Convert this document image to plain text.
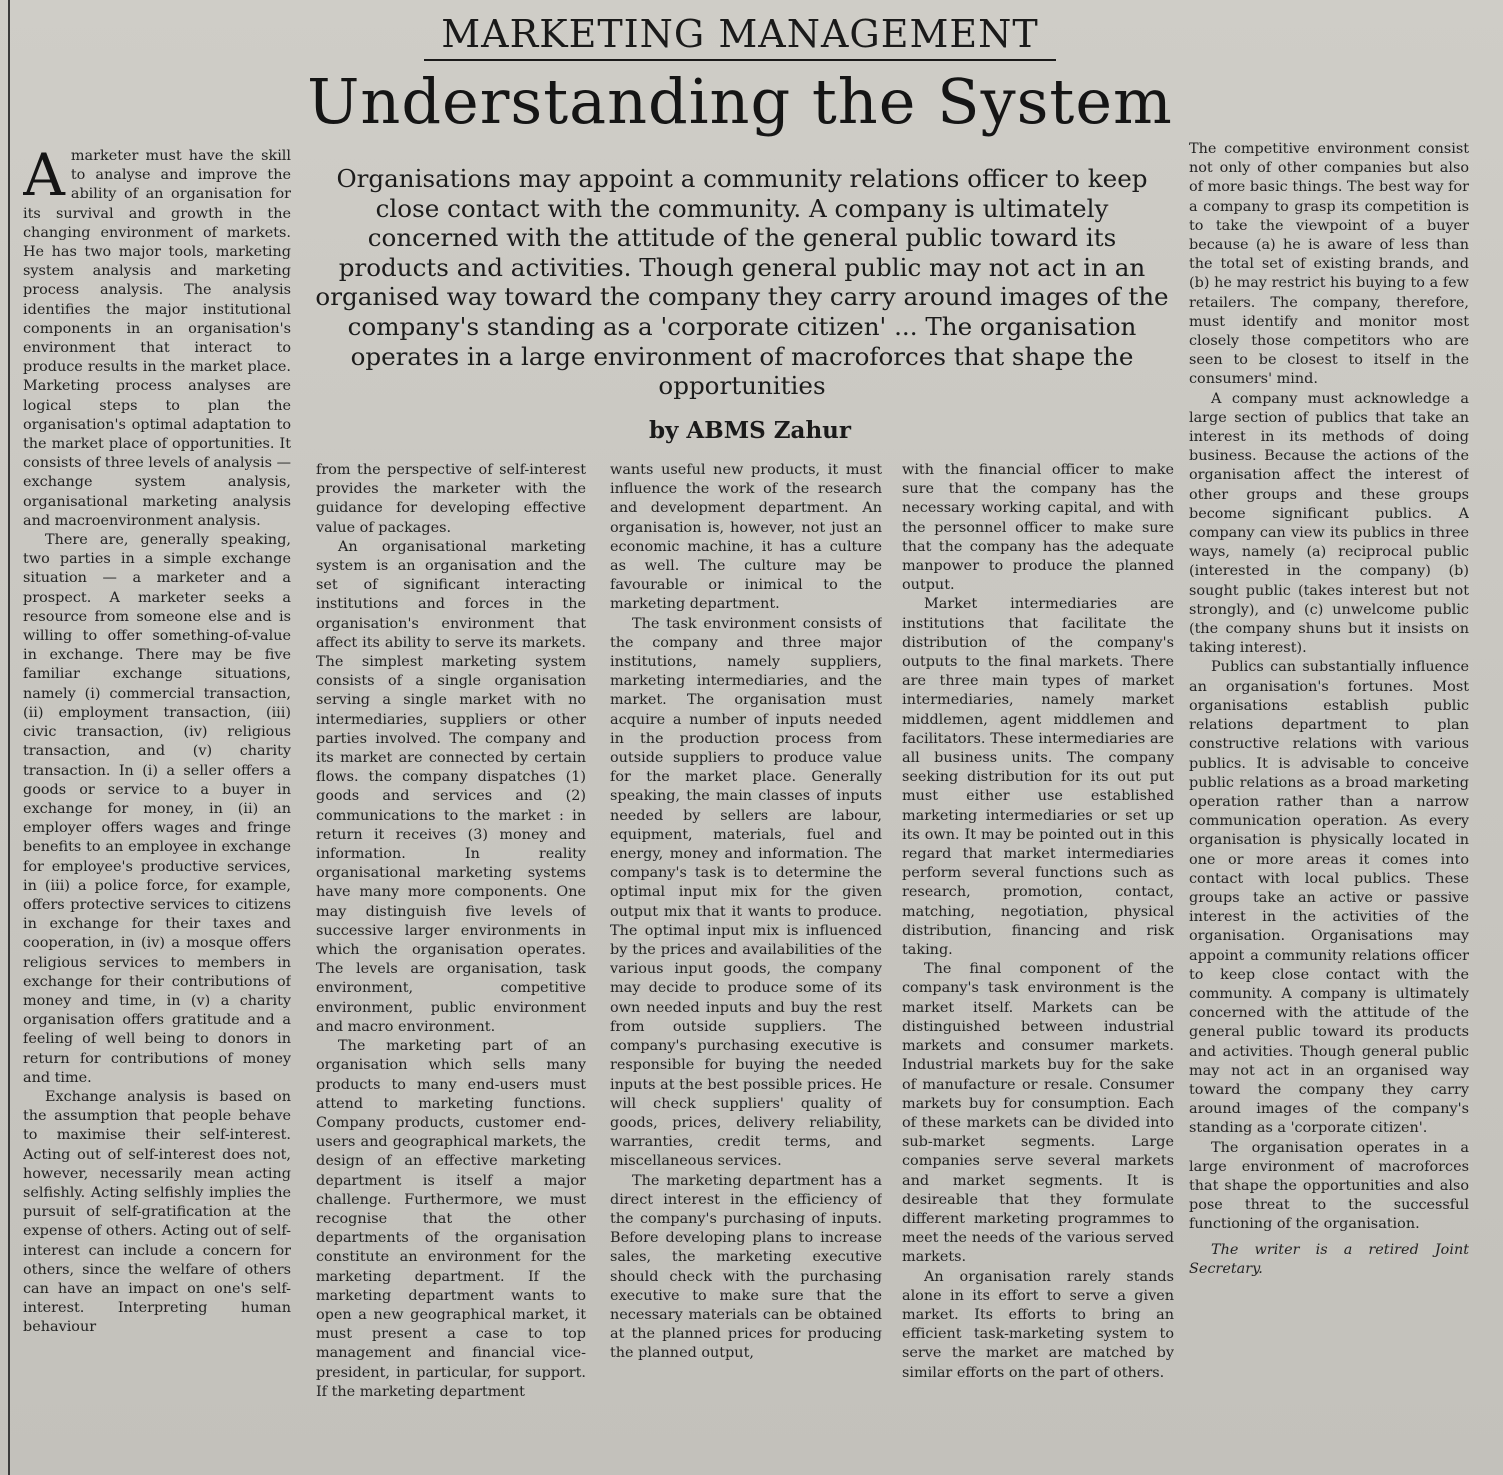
MARKETING MANAGEMENT
Understanding the System
Organisations may appoint a community relations officer to keep close contact with the community. A company is ultimately concerned with the attitude of the general public toward its products and activities. Though general public may not act in an organised way toward the company they carry around images of the company's standing as a 'corporate citizen' ... The organisation operates in a large environment of macroforces that shape the opportunities
by ABMS Zahur

Amarketer must have the skill to analyse and improve the ability of an organisation for its survival and growth in the changing environment of markets. He has two major tools, marketing system analysis and marketing process analysis. The analysis identifies the major institutional components in an organisation's environment that interact to produce results in the market place. Marketing process analyses are logical steps to plan the organisation's optimal adaptation to the market place of opportunities. It consists of three levels of analysis — exchange system analysis, organisational marketing analysis and macroenvironment analysis.

There are, generally speaking, two parties in a simple exchange situation — a marketer and a prospect. A marketer seeks a resource from someone else and is willing to offer something-of-value in exchange. There may be five familiar exchange situations, namely (i) commercial transaction, (ii) employment transaction, (iii) civic transaction, (iv) religious transaction, and (v) charity transaction. In (i) a seller offers a goods or service to a buyer in exchange for money, in (ii) an employer offers wages and fringe benefits to an employee in exchange for employee's productive services, in (iii) a police force, for example, offers protective services to citizens in exchange for their taxes and cooperation, in (iv) a mosque offers religious services to members in exchange for their contributions of money and time, in (v) a charity organisation offers gratitude and a feeling of well being to donors in return for contributions of money and time.

Exchange analysis is based on the assumption that people behave to maximise their self-interest. Acting out of self-interest does not, however, necessarily mean acting selfishly. Acting selfishly implies the pursuit of self-gratification at the expense of others. Acting out of self-interest can include a concern for others, since the welfare of others can have an impact on one's self-interest. Interpreting human behaviour

from the perspective of self-interest provides the marketer with the guidance for developing effective value of packages.

An organisational marketing system is an organisation and the set of significant interacting institutions and forces in the organisation's environment that affect its ability to serve its markets. The simplest marketing system consists of a single organisation serving a single market with no intermediaries, suppliers or other parties involved. The company and its market are connected by certain flows. the company dispatches (1) goods and services and (2) communications to the market : in return it receives (3) money and information. In reality organisational marketing systems have many more components. One may distinguish five levels of successive larger environments in which the organisation operates. The levels are organisation, task environment, competitive environment, public environment and macro environment.

The marketing part of an organisation which sells many products to many end-users must attend to marketing functions. Company products, customer end-users and geographical markets, the design of an effective marketing department is itself a major challenge. Furthermore, we must recognise that the other departments of the organisation constitute an environment for the marketing department. If the marketing department wants to open a new geographical market, it must present a case to top management and financial vice-president, in particular, for support. If the marketing department

wants useful new products, it must influence the work of the research and development department. An organisation is, however, not just an economic machine, it has a culture as well. The culture may be favourable or inimical to the marketing department.

The task environment consists of the company and three major institutions, namely suppliers, marketing intermediaries, and the market. The organisation must acquire a number of inputs needed in the production process from outside suppliers to produce value for the market place. Generally speaking, the main classes of inputs needed by sellers are labour, equipment, materials, fuel and energy, money and information. The company's task is to determine the optimal input mix for the given output mix that it wants to produce. The optimal input mix is influenced by the prices and availabilities of the various input goods, the company may decide to produce some of its own needed inputs and buy the rest from outside suppliers. The company's purchasing executive is responsible for buying the needed inputs at the best possible prices. He will check suppliers' quality of goods, prices, delivery reliability, warranties, credit terms, and miscellaneous services.

The marketing department has a direct interest in the efficiency of the company's purchasing of inputs. Before developing plans to increase sales, the marketing executive should check with the purchasing executive to make sure that the necessary materials can be obtained at the planned prices for producing the planned output,

with the financial officer to make sure that the company has the necessary working capital, and with the personnel officer to make sure that the company has the adequate manpower to produce the planned output.

Market intermediaries are institutions that facilitate the distribution of the company's outputs to the final markets. There are three main types of market intermediaries, namely market middlemen, agent middlemen and facilitators. These intermediaries are all business units. The company seeking distribution for its out put must either use established marketing intermediaries or set up its own. It may be pointed out in this regard that market intermediaries perform several functions such as research, promotion, contact, matching, negotiation, physical distribution, financing and risk taking.

The final component of the company's task environment is the market itself. Markets can be distinguished between industrial markets and consumer markets. Industrial markets buy for the sake of manufacture or resale. Consumer markets buy for consumption. Each of these markets can be divided into sub-market segments. Large companies serve several markets and market segments. It is desireable that they formulate different marketing programmes to meet the needs of the various served markets.

An organisation rarely stands alone in its effort to serve a given market. Its efforts to bring an efficient task-marketing system to serve the market are matched by similar efforts on the part of others.

The competitive environment consist not only of other companies but also of more basic things. The best way for a company to grasp its competition is to take the viewpoint of a buyer because (a) he is aware of less than the total set of existing brands, and (b) he may restrict his buying to a few retailers. The company, therefore, must identify and monitor most closely those competitors who are seen to be closest to itself in the consumers' mind.

A company must acknowledge a large section of publics that take an interest in its methods of doing business. Because the actions of the organisation affect the interest of other groups and these groups become significant publics. A company can view its publics in three ways, namely (a) reciprocal public (interested in the company) (b) sought public (takes interest but not strongly), and (c) unwelcome public (the company shuns but it insists on taking interest).

Publics can substantially influence an organisation's fortunes. Most organisations establish public relations department to plan constructive relations with various publics. It is advisable to conceive public relations as a broad marketing operation rather than a narrow communication operation. As every organisation is physically located in one or more areas it comes into contact with local publics. These groups take an active or passive interest in the activities of the organisation. Organisations may appoint a community relations officer to keep close contact with the community. A company is ultimately concerned with the attitude of the general public toward its products and activities. Though general public may not act in an organised way toward the company they carry around images of the company's standing as a 'corporate citizen'.

The organisation operates in a large environment of macroforces that shape the opportunities and also pose threat to the successful functioning of the organisation.

The writer is a retired Joint Secretary.
